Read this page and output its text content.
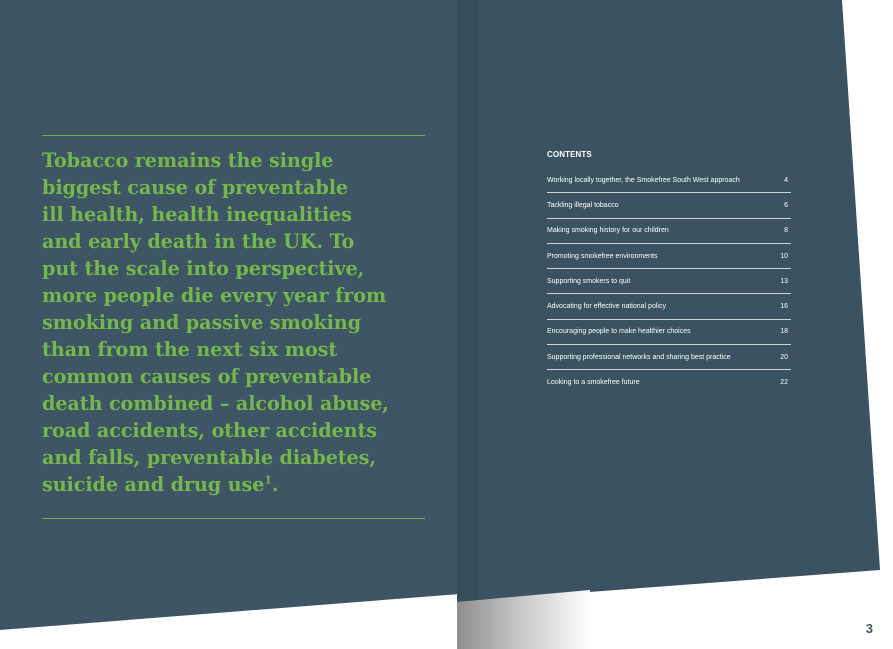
Tobacco remains the single
biggest cause of preventable
ill health, health inequalities
and early death in the UK. To
put the scale into perspective,
more people die every year from
smoking and passive smoking
than from the next six most
common causes of preventable
death combined – alcohol abuse,
road accidents, other accidents
and falls, preventable diabetes,
suicide and drug use$^1$.
CONTENTS
Working locally together, the Smokefree South West approach	4
Tackling illegal tobacco	6
Making smoking history for our children	8
Promoting smokefree environments	10
Supporting smokers to quit	13
Advocating for effective national policy	16
Encouraging people to make healthier choices	18
Supporting professional networks and sharing best practice	20
Looking to a smokefree future	22
3
